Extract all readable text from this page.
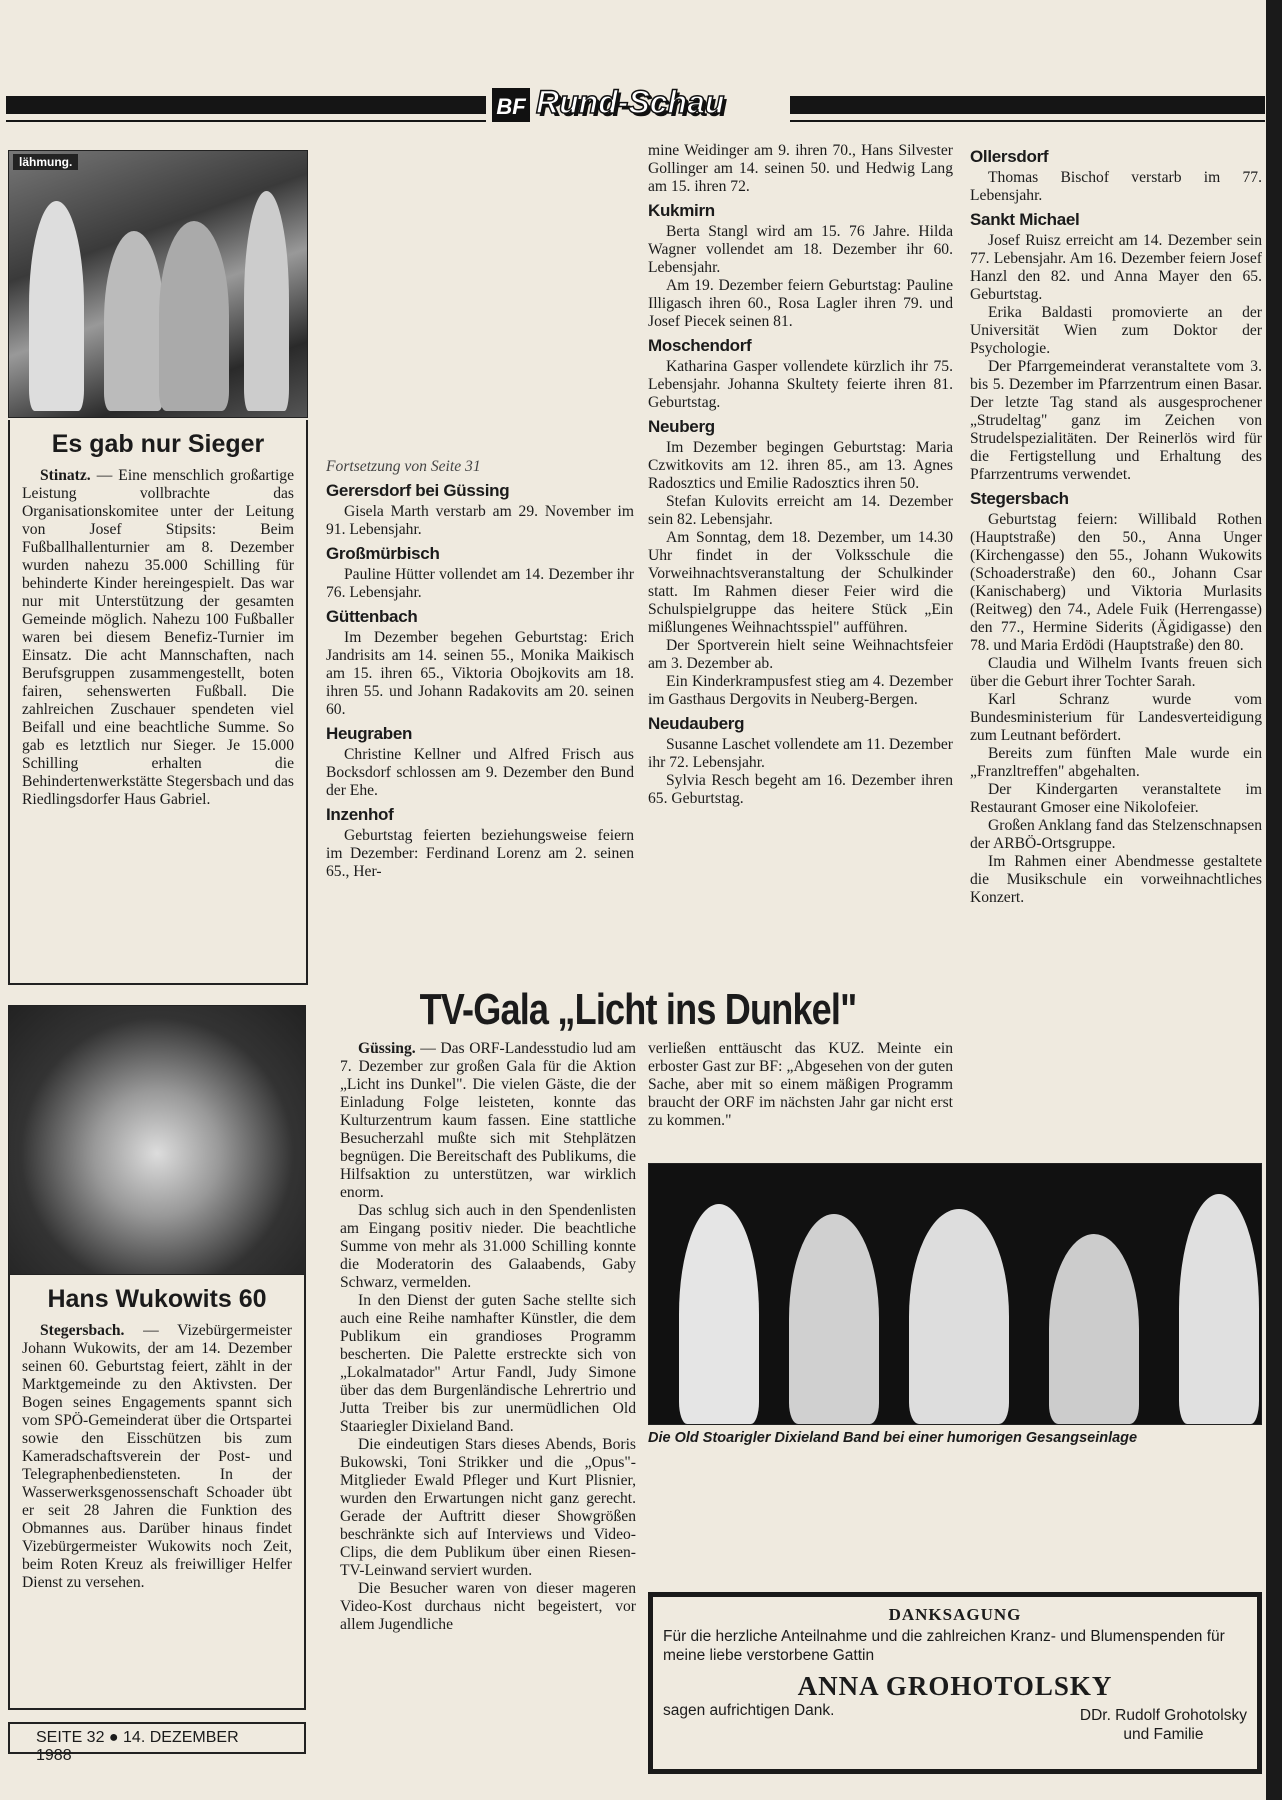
BF Rund-Schau
lähmung.
Es gab nur Sieger

Stinatz. — Eine menschlich großartige Leistung vollbrachte das Organisationskomitee unter der Leitung von Josef Stipsits: Beim Fußballhallenturnier am 8. Dezember wurden nahezu 35.000 Schilling für behinderte Kinder hereingespielt. Das war nur mit Unterstützung der gesamten Gemeinde möglich. Nahezu 100 Fußballer waren bei diesem Benefiz-Turnier im Einsatz. Die acht Mannschaften, nach Berufsgruppen zusammengestellt, boten fairen, sehenswerten Fußball. Die zahlreichen Zuschauer spendeten viel Beifall und eine beachtliche Summe. So gab es letztlich nur Sieger. Je 15.000 Schilling erhalten die Behindertenwerkstätte Stegersbach und das Riedlingsdorfer Haus Gabriel.

Hans Wukowits 60

Stegersbach. — Vizebürgermeister Johann Wukowits, der am 14. Dezember seinen 60. Geburtstag feiert, zählt in der Marktgemeinde zu den Aktivsten. Der Bogen seines Engagements spannt sich vom SPÖ-Gemeinderat über die Ortspartei sowie den Eisschützen bis zum Kameradschaftsverein der Post- und Telegraphenbediensteten. In der Wasserwerksgenossenschaft Schoader übt er seit 28 Jahren die Funktion des Obmannes aus. Darüber hinaus findet Vizebürgermeister Wukowits noch Zeit, beim Roten Kreuz als freiwilliger Helfer Dienst zu versehen.

SEITE 32 ● 14. DEZEMBER 1988
Fortsetzung von Seite 31
Gerersdorf bei Güssing

Gisela Marth verstarb am 29. November im 91. Lebensjahr.

Großmürbisch

Pauline Hütter vollendet am 14. Dezember ihr 76. Lebensjahr.

Güttenbach

Im Dezember begehen Geburtstag: Erich Jandrisits am 14. seinen 55., Monika Maikisch am 15. ihren 65., Viktoria Obojkovits am 18. ihren 55. und Johann Radakovits am 20. seinen 60.

Heugraben

Christine Kellner und Alfred Frisch aus Bocksdorf schlossen am 9. Dezember den Bund der Ehe.

Inzenhof

Geburtstag feierten beziehungsweise feiern im Dezember: Ferdinand Lorenz am 2. seinen 65., Her-

mine Weidinger am 9. ihren 70., Hans Silvester Gollinger am 14. seinen 50. und Hedwig Lang am 15. ihren 72.
Kukmirn

Berta Stangl wird am 15. 76 Jahre. Hilda Wagner vollendet am 18. Dezember ihr 60. Lebensjahr.

Am 19. Dezember feiern Geburtstag: Pauline Illigasch ihren 60., Rosa Lagler ihren 79. und Josef Piecek seinen 81.

Moschendorf

Katharina Gasper vollendete kürzlich ihr 75. Lebensjahr. Johanna Skultety feierte ihren 81. Geburtstag.

Neuberg

Im Dezember begingen Geburtstag: Maria Czwitkovits am 12. ihren 85., am 13. Agnes Radosztics und Emilie Radosztics ihren 50.

Stefan Kulovits erreicht am 14. Dezember sein 82. Lebensjahr.

Am Sonntag, dem 18. Dezember, um 14.30 Uhr findet in der Volksschule die Vorweihnachtsveranstaltung der Schulkinder statt. Im Rahmen dieser Feier wird die Schulspielgruppe das heitere Stück „Ein mißlungenes Weihnachtsspiel" aufführen.

Der Sportverein hielt seine Weihnachtsfeier am 3. Dezember ab.

Ein Kinderkrampusfest stieg am 4. Dezember im Gasthaus Dergovits in Neuberg-Bergen.

Neudauberg

Susanne Laschet vollendete am 11. Dezember ihr 72. Lebensjahr.

Sylvia Resch begeht am 16. Dezember ihren 65. Geburtstag.

Ollersdorf

Thomas Bischof verstarb im 77. Lebensjahr.

Sankt Michael

Josef Ruisz erreicht am 14. Dezember sein 77. Lebensjahr. Am 16. Dezember feiern Josef Hanzl den 82. und Anna Mayer den 65. Geburtstag.

Erika Baldasti promovierte an der Universität Wien zum Doktor der Psychologie.

Der Pfarrgemeinderat veranstaltete vom 3. bis 5. Dezember im Pfarrzentrum einen Basar. Der letzte Tag stand als ausgesprochener „Strudeltag" ganz im Zeichen von Strudelspezialitäten. Der Reinerlös wird für die Fertigstellung und Erhaltung des Pfarrzentrums verwendet.

Stegersbach

Geburtstag feiern: Willibald Rothen (Hauptstraße) den 50., Anna Unger (Kirchengasse) den 55., Johann Wukowits (Schoaderstraße) den 60., Johann Csar (Kanischaberg) und Viktoria Murlasits (Reitweg) den 74., Adele Fuik (Herrengasse) den 77., Hermine Siderits (Ägidigasse) den 78. und Maria Erdödi (Hauptstraße) den 80.

Claudia und Wilhelm Ivants freuen sich über die Geburt ihrer Tochter Sarah.

Karl Schranz wurde vom Bundesministerium für Landesverteidigung zum Leutnant befördert.

Bereits zum fünften Male wurde ein „Franzltreffen" abgehalten.

Der Kindergarten veranstaltete im Restaurant Gmoser eine Nikolofeier.

Großen Anklang fand das Stelzenschnapsen der ARBÖ-Ortsgruppe.

Im Rahmen einer Abendmesse gestaltete die Musikschule ein vorweihnachtliches Konzert.

TV-Gala „Licht ins Dunkel"

Güssing. — Das ORF-Landesstudio lud am 7. Dezember zur großen Gala für die Aktion „Licht ins Dunkel". Die vielen Gäste, die der Einladung Folge leisteten, konnte das Kulturzentrum kaum fassen. Eine stattliche Besucherzahl mußte sich mit Stehplätzen begnügen. Die Bereitschaft des Publikums, die Hilfsaktion zu unterstützen, war wirklich enorm.

Das schlug sich auch in den Spendenlisten am Eingang positiv nieder. Die beachtliche Summe von mehr als 31.000 Schilling konnte die Moderatorin des Galaabends, Gaby Schwarz, vermelden.

In den Dienst der guten Sache stellte sich auch eine Reihe namhafter Künstler, die dem Publikum ein grandioses Programm bescherten. Die Palette erstreckte sich von „Lokalmatador" Artur Fandl, Judy Simone über das dem Burgenländische Lehrertrio und Jutta Treiber bis zur unermüdlichen Old Staariegler Dixieland Band.

Die eindeutigen Stars dieses Abends, Boris Bukowski, Toni Strikker und die „Opus"-Mitglieder Ewald Pfleger und Kurt Plisnier, wurden den Erwartungen nicht ganz gerecht. Gerade der Auftritt dieser Showgrößen beschränkte sich auf Interviews und Video-Clips, die dem Publikum über einen Riesen-TV-Leinwand serviert wurden.

Die Besucher waren von dieser mageren Video-Kost durchaus nicht begeistert, vor allem Jugendliche

verließen enttäuscht das KUZ. Meinte ein erboster Gast zur BF: „Abgesehen von der guten Sache, aber mit so einem mäßigen Programm braucht der ORF im nächsten Jahr gar nicht erst zu kommen."
Die Old Stoarigler Dixieland Band bei einer humorigen Gesangseinlage
DANKSAGUNG
Für die herzliche Anteilnahme und die zahlreichen Kranz- und Blumenspenden für meine liebe verstorbene Gattin
ANNA GROHOTOLSKY
sagen aufrichtigen Dank.	DDr. Rudolf Grohotolsky
und Familie
